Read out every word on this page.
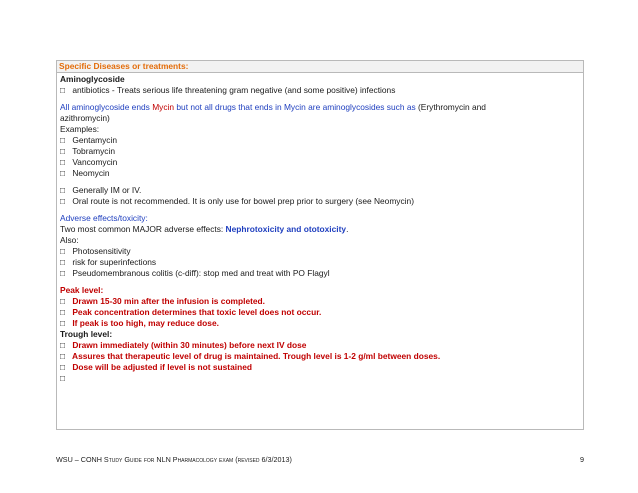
Specific Diseases or treatments:
Aminoglycoside
□ antibiotics - Treats serious life threatening gram negative (and some positive) infections
All aminoglycoside ends Mycin but not all drugs that ends in Mycin are aminoglycosides such as (Erythromycin and
azithromycin)
Examples:
□ Gentamycin
□ Tobramycin
□ Vancomycin
□ Neomycin
□ Generally IM or IV.
□ Oral route is not recommended. It is only use for bowel prep prior to surgery (see Neomycin)
Adverse effects/toxicity:
Two most common MAJOR adverse effects: Nephrotoxicity and ototoxicity.
Also:
□ Photosensitivity
□ risk for superinfections
□ Pseudomembranous colitis (c-diff): stop med and treat with PO Flagyl
Peak level:
□ Drawn 15-30 min after the infusion is completed.
□ Peak concentration determines that toxic level does not occur.
□ If peak is too high, may reduce dose.
Trough level:
□ Drawn immediately (within 30 minutes) before next IV dose
□ Assures that therapeutic level of drug is maintained. Trough level is 1-2 g/ml between doses.
□ Dose will be adjusted if level is not sustained
□
WSU – CONH Study Guide for NLN Pharmacology exam (revised 6/3/2013)	9
